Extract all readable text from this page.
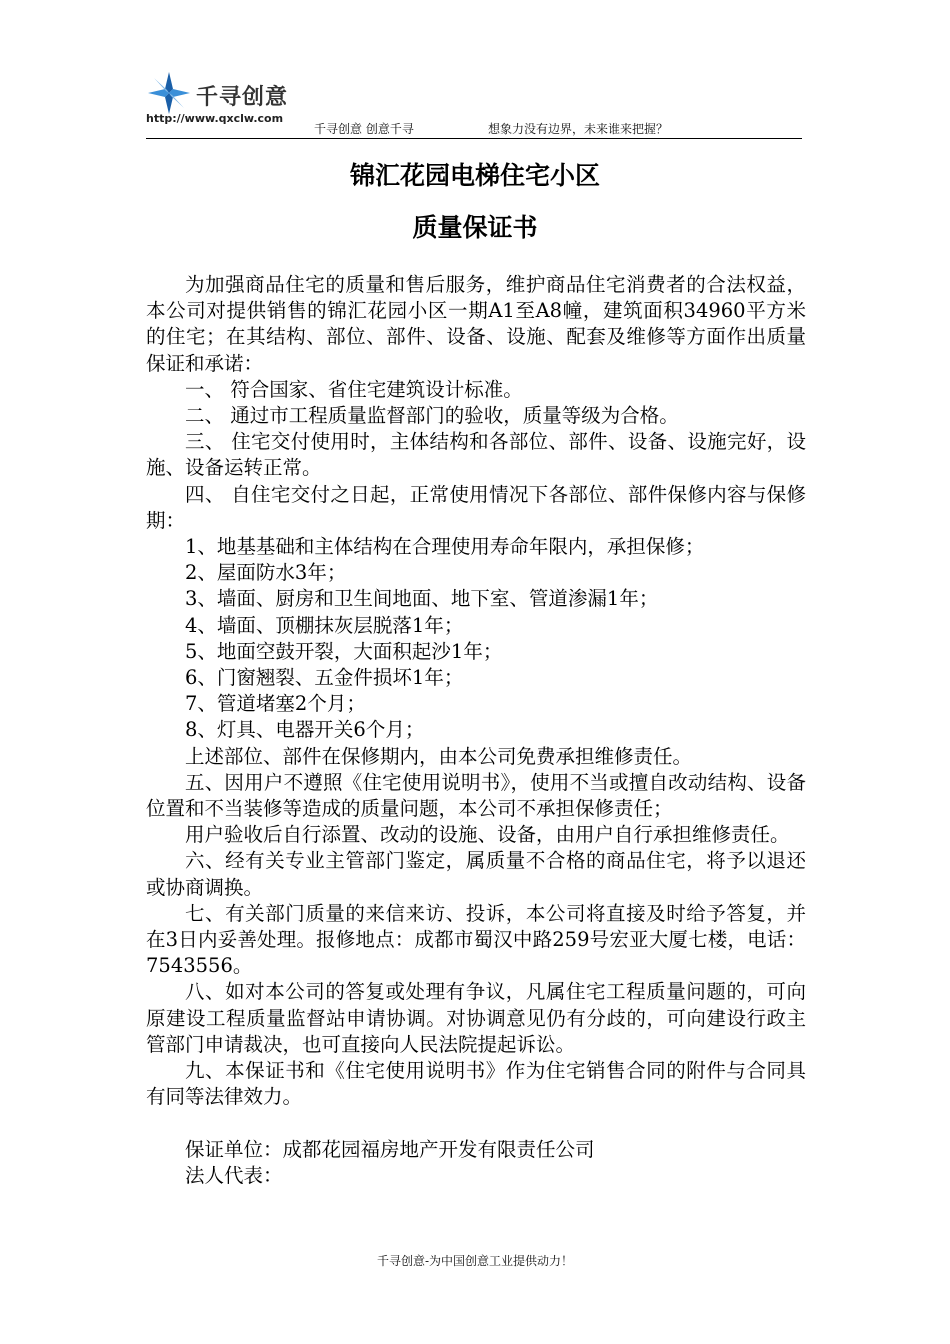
千寻创意
http://www.qxclw.com
千寻创意 创意千寻	想象力没有边界，未来谁来把握？
锦汇花园电梯住宅小区
质量保证书

为加强商品住宅的质量和售后服务，维护商品住宅消费者的合法权益，本公司对提供销售的锦汇花园小区一期A1至A8幢，建筑面积34960平方米的住宅；在其结构、部位、部件、设备、设施、配套及维修等方面作出质量保证和承诺：

一、 符合国家、省住宅建筑设计标准。

二、 通过市工程质量监督部门的验收，质量等级为合格。

三、 住宅交付使用时，主体结构和各部位、部件、设备、设施完好，设施、设备运转正常。

四、 自住宅交付之日起，正常使用情况下各部位、部件保修内容与保修期：

1、地基基础和主体结构在合理使用寿命年限内，承担保修；

2、屋面防水3年；

3、墙面、厨房和卫生间地面、地下室、管道渗漏1年；

4、墙面、顶棚抹灰层脱落1年；

5、地面空鼓开裂，大面积起沙1年；

6、门窗翘裂、五金件损坏1年；

7、管道堵塞2个月；

8、灯具、电器开关6个月；

上述部位、部件在保修期内，由本公司免费承担维修责任。

五、因用户不遵照《住宅使用说明书》，使用不当或擅自改动结构、设备位置和不当装修等造成的质量问题，本公司不承担保修责任；

用户验收后自行添置、改动的设施、设备，由用户自行承担维修责任。

六、经有关专业主管部门鉴定，属质量不合格的商品住宅，将予以退还或协商调换。

七、有关部门质量的来信来访、投诉，本公司将直接及时给予答复，并在3日内妥善处理。报修地点：成都市蜀汉中路259号宏亚大厦七楼，电话：7543556。

八、如对本公司的答复或处理有争议，凡属住宅工程质量问题的，可向原建设工程质量监督站申请协调。对协调意见仍有分歧的，可向建设行政主管部门申请裁决，也可直接向人民法院提起诉讼。

九、本保证书和《住宅使用说明书》作为住宅销售合同的附件与合同具有同等法律效力。

保证单位：成都花园福房地产开发有限责任公司

法人代表：

千寻创意-为中国创意工业提供动力！
